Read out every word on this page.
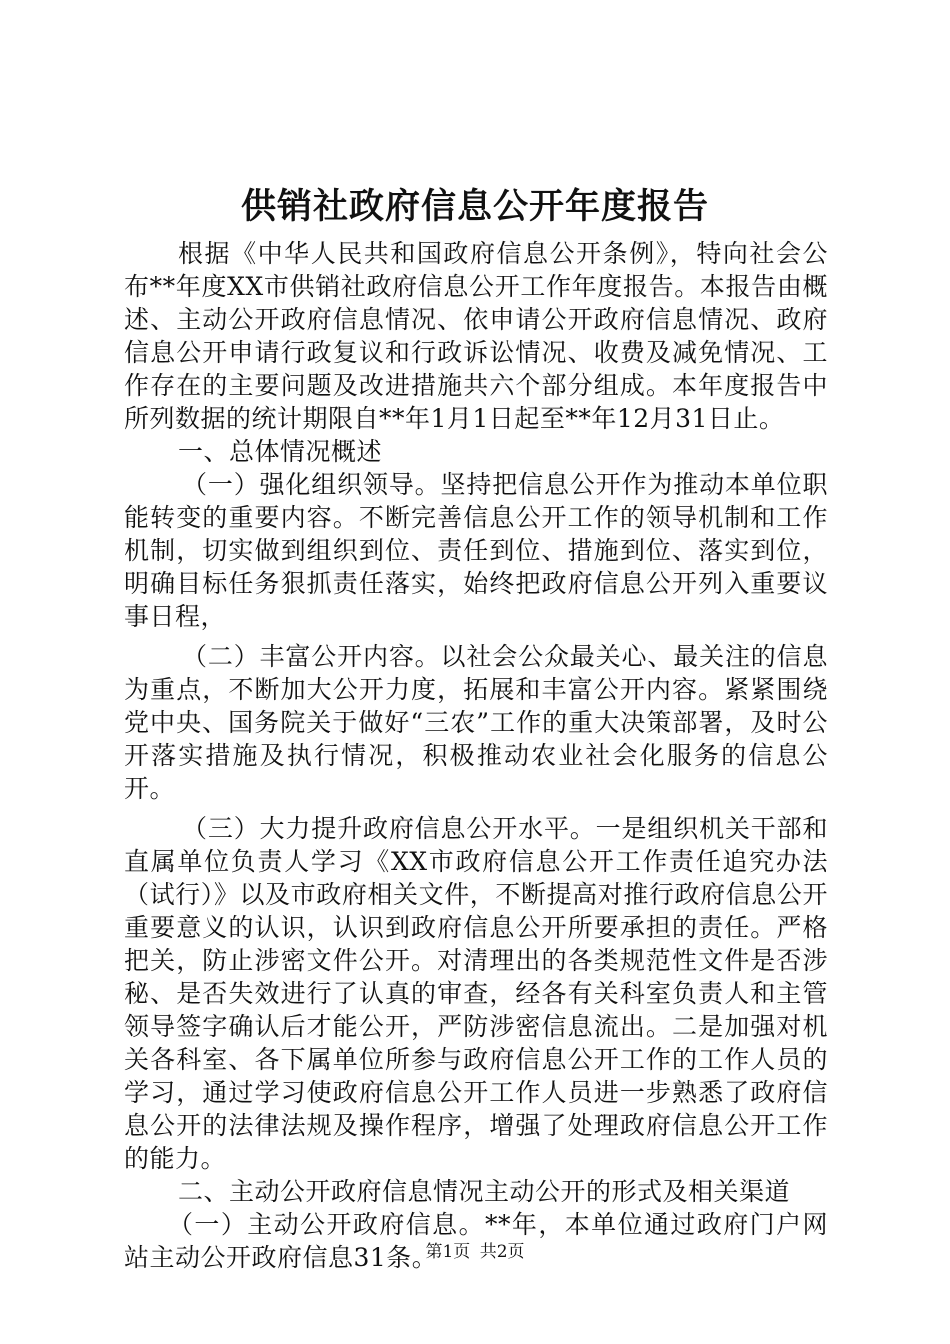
供销社政府信息公开年度报告

根据《中华人民共和国政府信息公开条例》，特向社会公布**年度XX市供销社政府信息公开工作年度报告。本报告由概述、主动公开政府信息情况、依申请公开政府信息情况、政府信息公开申请行政复议和行政诉讼情况、收费及减免情况、工作存在的主要问题及改进措施共六个部分组成。本年度报告中所列数据的统计期限自**年1月1日起至**年12月31日止。

一、总体情况概述

（一）强化组织领导。坚持把信息公开作为推动本单位职能转变的重要内容。不断完善信息公开工作的领导机制和工作机制，切实做到组织到位、责任到位、措施到位、落实到位，明确目标任务狠抓责任落实，始终把政府信息公开列入重要议事日程，

（二）丰富公开内容。以社会公众最关心、最关注的信息为重点，不断加大公开力度，拓展和丰富公开内容。紧紧围绕党中央、国务院关于做好“三农”工作的重大决策部署，及时公开落实措施及执行情况，积极推动农业社会化服务的信息公开。

（三）大力提升政府信息公开水平。一是组织机关干部和直属单位负责人学习《XX市政府信息公开工作责任追究办法（试行）》以及市政府相关文件，不断提高对推行政府信息公开重要意义的认识，认识到政府信息公开所要承担的责任。严格把关，防止涉密文件公开。对清理出的各类规范性文件是否涉秘、是否失效进行了认真的审查，经各有关科室负责人和主管领导签字确认后才能公开，严防涉密信息流出。二是加强对机关各科室、各下属单位所参与政府信息公开工作的工作人员的学习，通过学习使政府信息公开工作人员进一步熟悉了政府信息公开的法律法规及操作程序，增强了处理政府信息公开工作的能力。

二、主动公开政府信息情况主动公开的形式及相关渠道

（一）主动公开政府信息。**年，本单位通过政府门户网站主动公开政府信息31条。

第1页 共2页
